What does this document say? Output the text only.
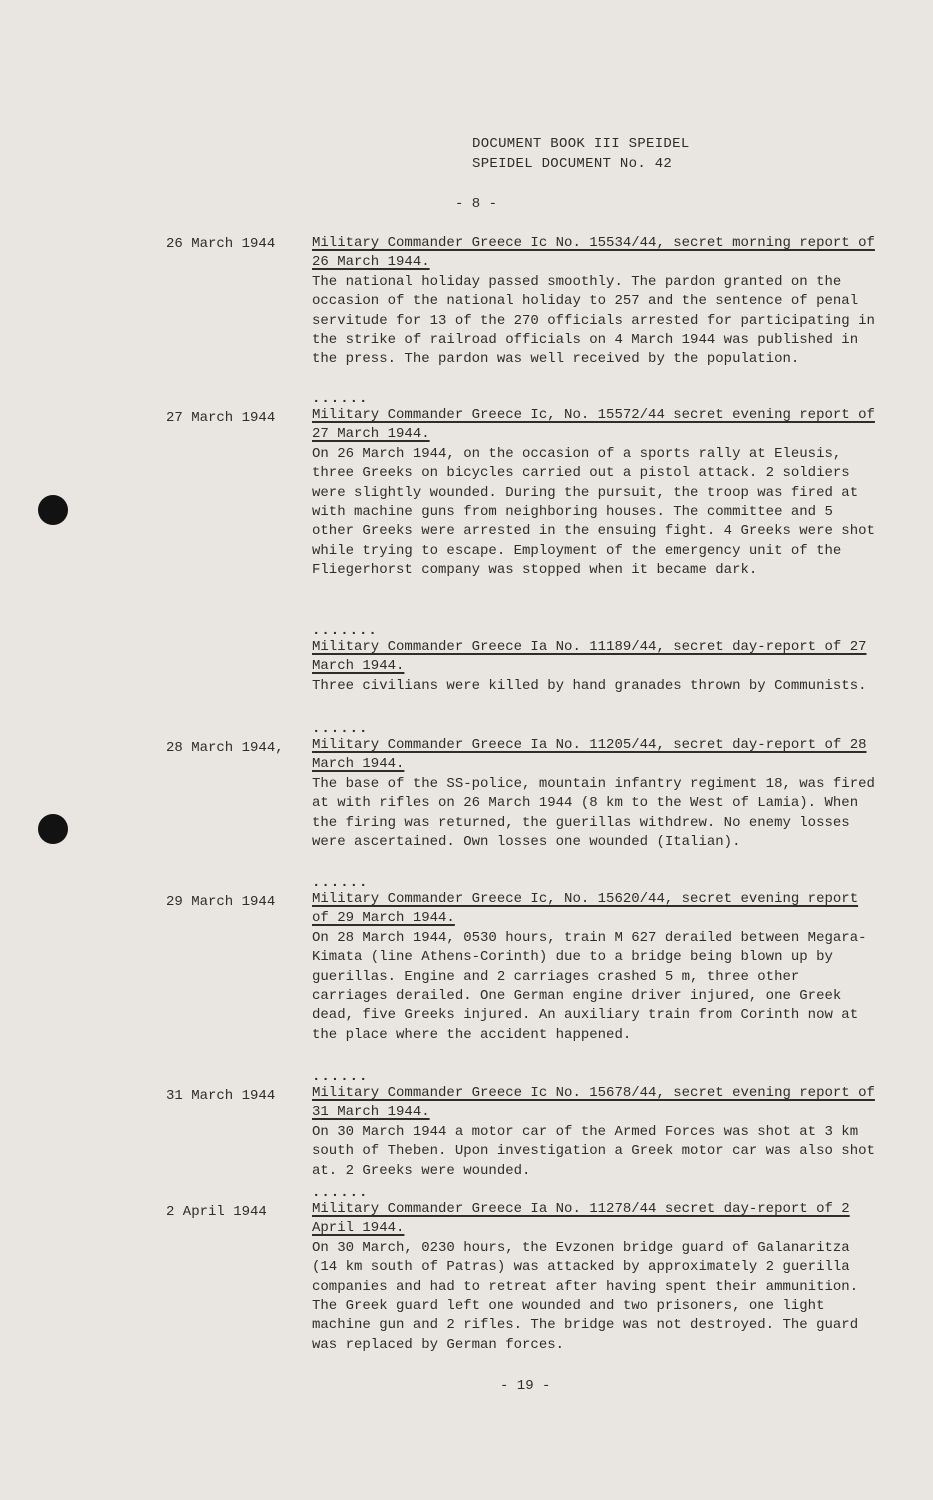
DOCUMENT BOOK III SPEIDEL
SPEIDEL DOCUMENT No. 42
- 8 -
26 March 1944	Military Commander Greece Ic No. 15534/44, secret morning report of 26 March 1944.

The national holiday passed smoothly. The pardon granted on the occasion of the national holiday to 257 and the sentence of penal servitude for 13 of the 270 officials arrested for participating in the strike of railroad officials on 4 March 1944 was published in the press. The pardon was well received by the population.

27 March 1944

......

Military Commander Greece Ic, No. 15572/44 secret evening report of 27 March 1944.

On 26 March 1944, on the occasion of a sports rally at Eleusis, three Greeks on bicycles carried out a pistol attack. 2 soldiers were slightly wounded. During the pursuit, the troop was fired at with machine guns from neighboring houses. The committee and 5 other Greeks were arrested in the ensuing fight. 4 Greeks were shot while trying to escape. Employment of the emergency unit of the Fliegerhorst company was stopped when it became dark.

.......

Military Commander Greece Ia No. 11189/44, secret day-report of 27 March 1944.

Three civilians were killed by hand granades thrown by Communists.

28 March 1944,

......

Military Commander Greece Ia No. 11205/44, secret day-report of 28 March 1944.

The base of the SS-police, mountain infantry regiment 18, was fired at with rifles on 26 March 1944 (8 km to the West of Lamia). When the firing was returned, the guerillas withdrew. No enemy losses were ascertained. Own losses one wounded (Italian).

29 March 1944

......

Military Commander Greece Ic, No. 15620/44, secret evening report of 29 March 1944.

On 28 March 1944, 0530 hours, train M 627 derailed between Megara-Kimata (line Athens-Corinth) due to a bridge being blown up by guerillas. Engine and 2 carriages crashed 5 m, three other carriages derailed. One German engine driver injured, one Greek dead, five Greeks injured. An auxiliary train from Corinth now at the place where the accident happened.

31 March 1944

......

Military Commander Greece Ic No. 15678/44, secret evening report of 31 March 1944.

On 30 March 1944 a motor car of the Armed Forces was shot at 3 km south of Theben. Upon investigation a Greek motor car was also shot at. 2 Greeks were wounded.

2 April 1944

......

Military Commander Greece Ia No. 11278/44 secret day-report of 2 April 1944.

On 30 March, 0230 hours, the Evzonen bridge guard of Galanaritza (14 km south of Patras) was attacked by approximately 2 guerilla companies and had to retreat after having spent their ammunition. The Greek guard left one wounded and two prisoners, one light machine gun and 2 rifles. The bridge was not destroyed. The guard was replaced by German forces.

- 19 -
